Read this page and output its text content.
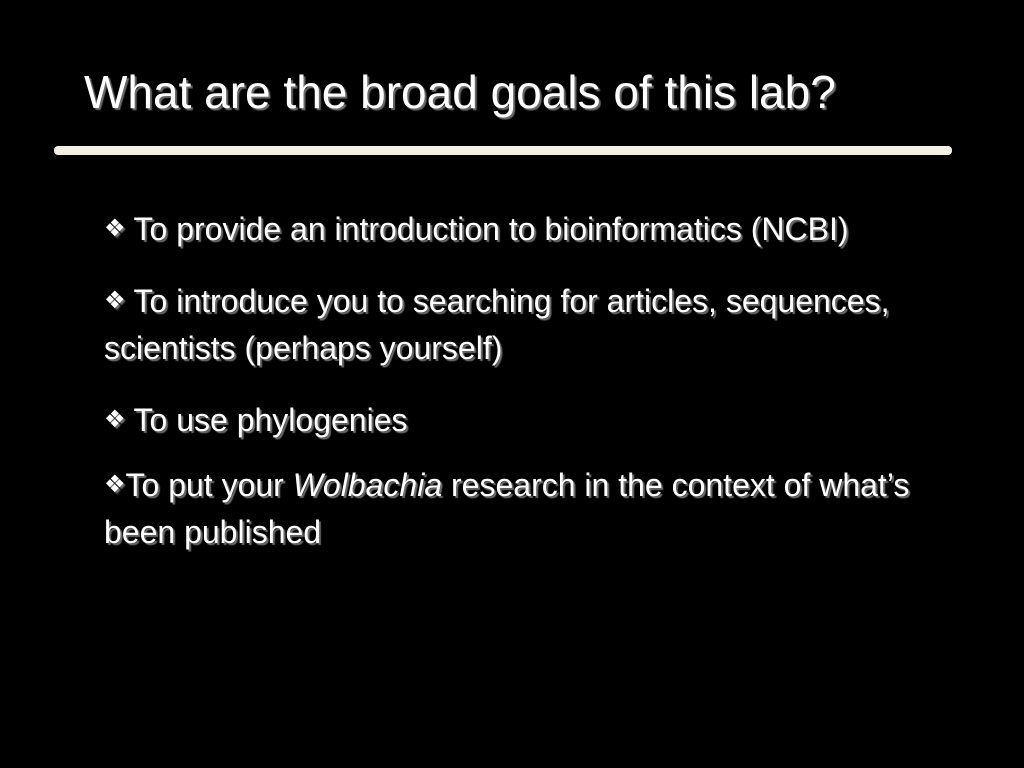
What are the broad goals of this lab?
❖ To provide an introduction to bioinformatics (NCBI)
❖ To introduce you to searching for articles, sequences, scientists (perhaps yourself)
❖ To use phylogenies
❖To put your Wolbachia research in the context of what’s been published
